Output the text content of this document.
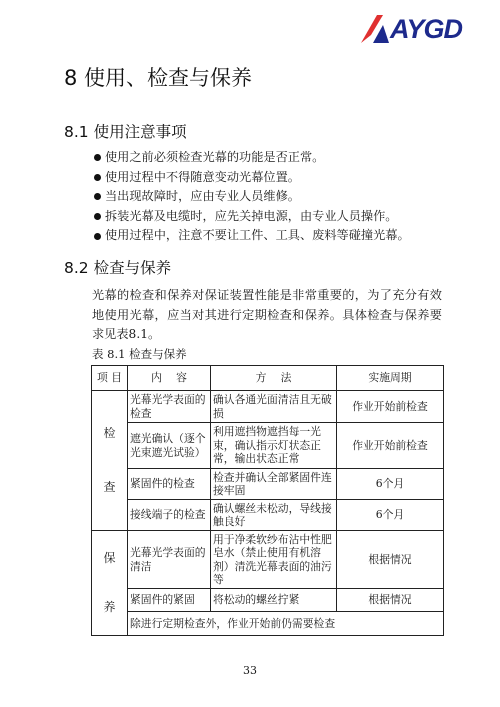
AYGD
8 使用、检查与保养
8.1 使用注意事项
使用之前必须检查光幕的功能是否正常。
使用过程中不得随意变动光幕位置。
当出现故障时，应由专业人员维修。
拆装光幕及电缆时，应先关掉电源，由专业人员操作。
使用过程中，注意不要让工件、工具、废料等碰撞光幕。
8.2 检查与保养

光幕的检查和保养对保证装置性能是非常重要的，为了充分有效地使用光幕，应当对其进行定期检查和保养。具体检查与保养要求见表8.1。

表 8.1 检查与保养
项 目	内　 容	方　 法	实施周期

检
查	光幕光学表面的检查	确认各通光面清洁且无破损	作业开始前检查
	遮光确认（逐个光束遮光试验）	利用遮挡物遮挡每一光束，确认指示灯状态正常，输出状态正常	作业开始前检查
	紧固件的检查	检查并确认全部紧固件连接牢固	6个月
	接线端子的检查	确认螺丝未松动，导线接触良好	6个月

保
养	光幕光学表面的清洁	用于净柔软纱布沾中性肥皂水（禁止使用有机溶剂）清洗光幕表面的油污等	根据情况
	紧固件的紧固	将松动的螺丝拧紧	根据情况
	除进行定期检查外，作业开始前仍需要检查		
33
